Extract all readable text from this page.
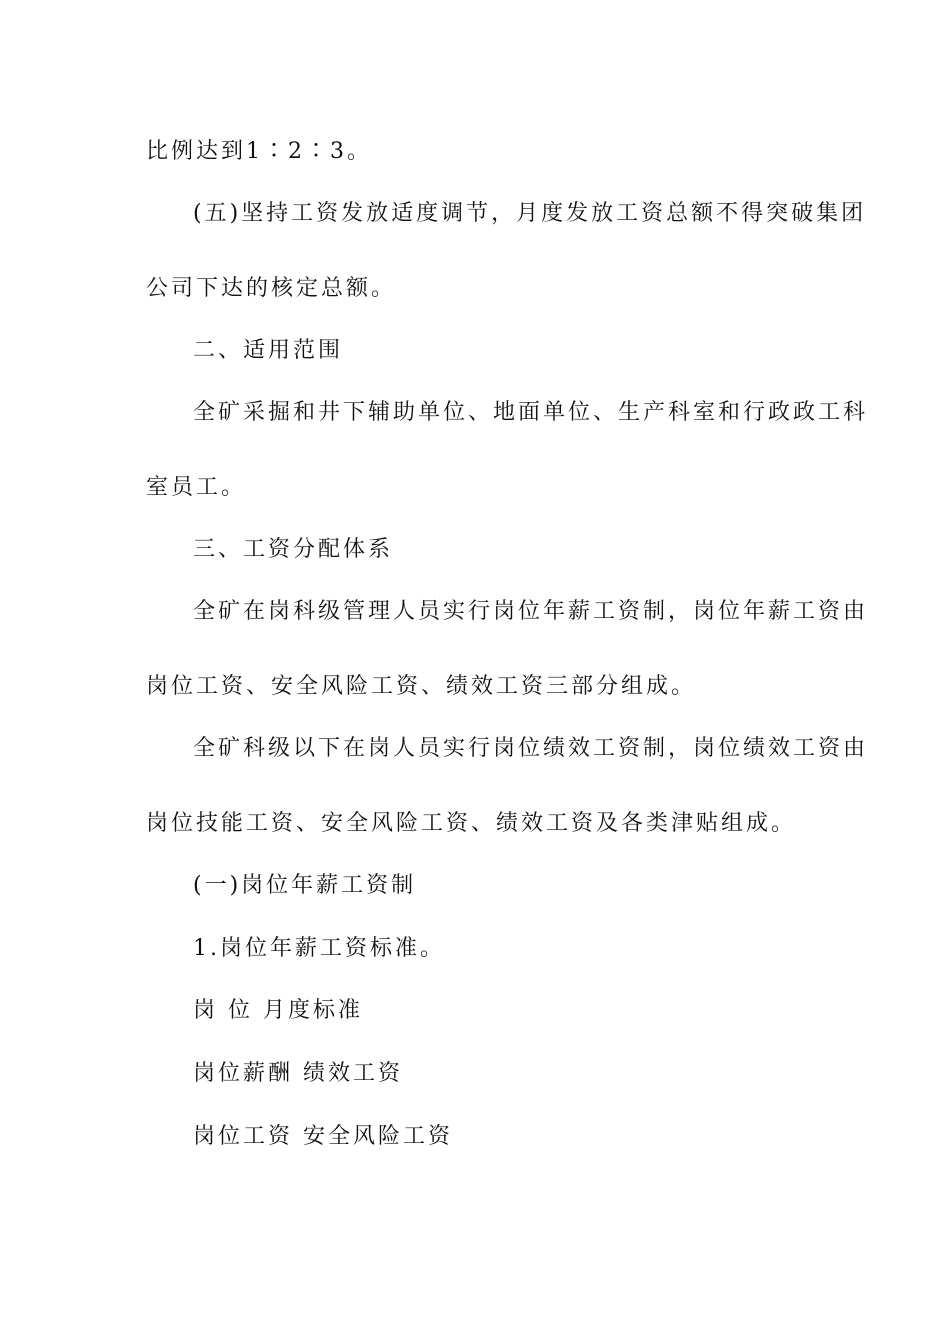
比例达到1∶2∶3。
(五)坚持工资发放适度调节，月度发放工资总额不得突破集团
公司下达的核定总额。
二、适用范围
全矿采掘和井下辅助单位、地面单位、生产科室和行政政工科
室员工。
三、工资分配体系
全矿在岗科级管理人员实行岗位年薪工资制，岗位年薪工资由
岗位工资、安全风险工资、绩效工资三部分组成。
全矿科级以下在岗人员实行岗位绩效工资制，岗位绩效工资由
岗位技能工资、安全风险工资、绩效工资及各类津贴组成。
(一)岗位年薪工资制
1.岗位年薪工资标准。
岗 位 月度标准
岗位薪酬 绩效工资
岗位工资 安全风险工资
